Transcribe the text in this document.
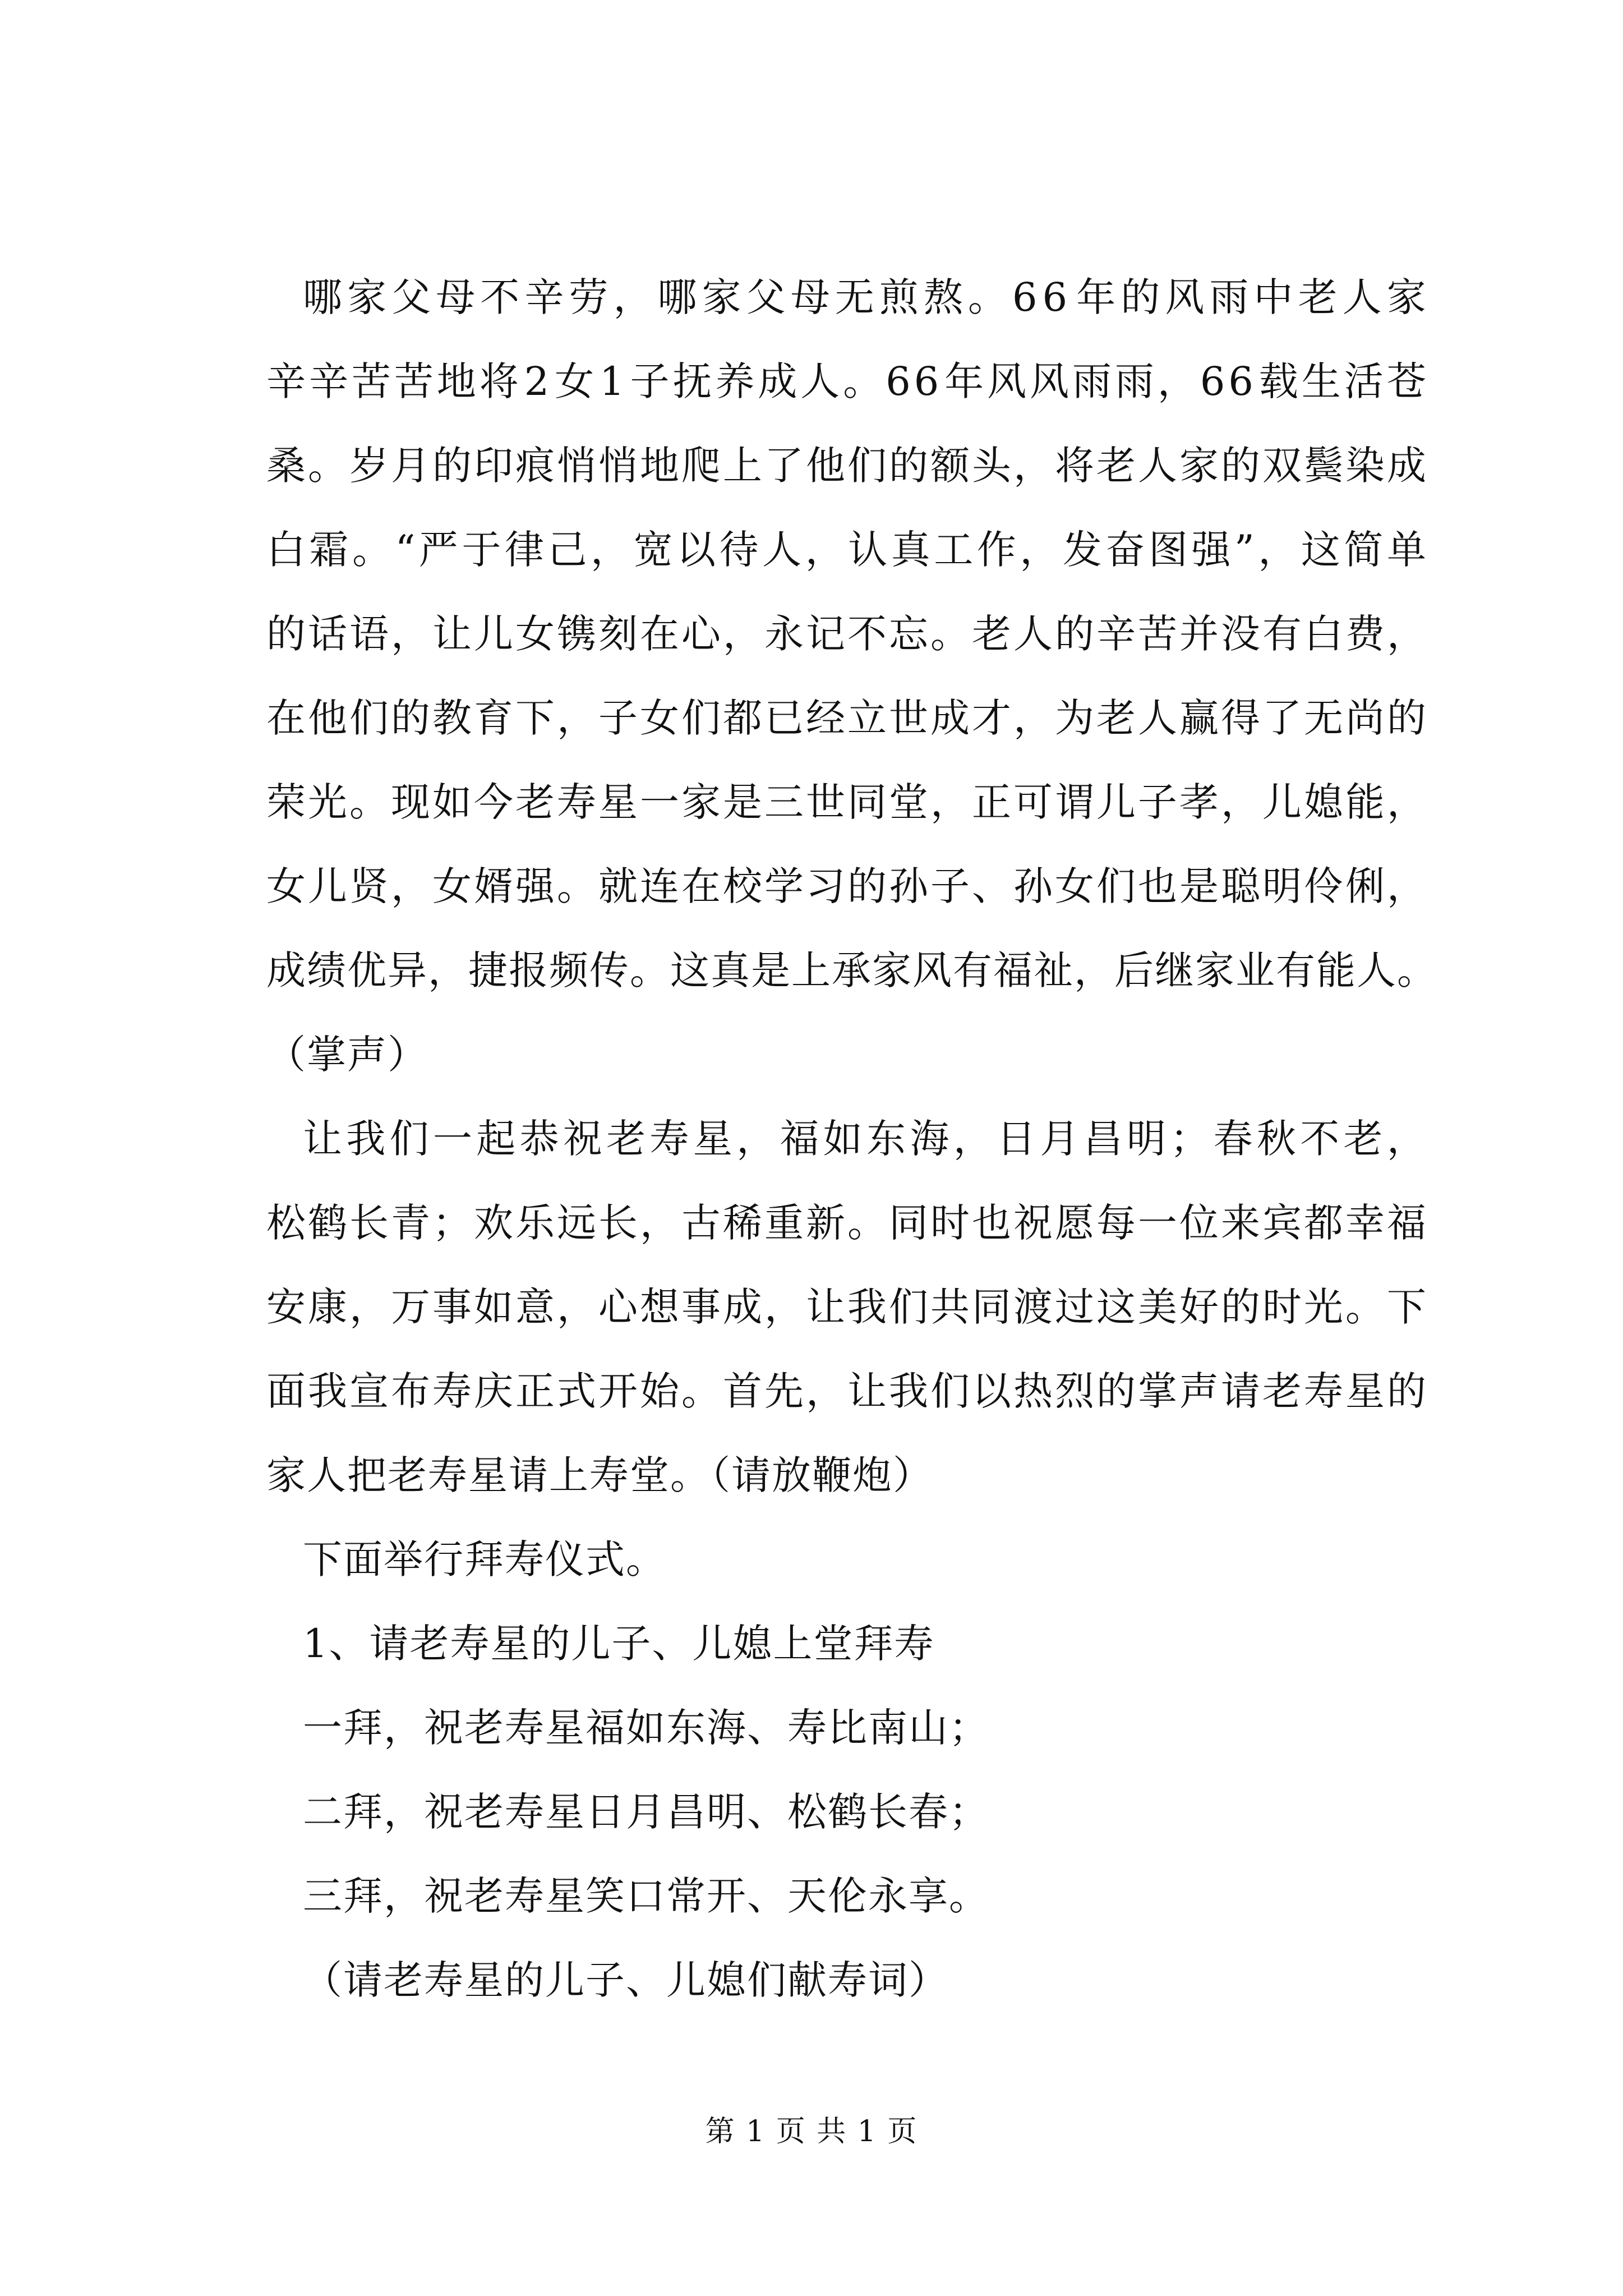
哪 家 父 母 不 辛 劳 ， 哪 家 父 母 无 煎 熬 。 6 6 年 的 风 雨 中 老 人 家
辛 辛 苦 苦 地 将 2 女 1 子 抚 养 成 人 。 6 6 年 风 风 雨 雨 ， 6 6 载 生 活 苍
桑 。 岁 月 的 印 痕 悄 悄 地 爬 上 了 他 们 的 额 头 ， 将 老 人 家 的 双 鬓 染 成
白 霜 。 “ 严 于 律 己 ， 宽 以 待 人 ， 认 真 工 作 ， 发 奋 图 强 ” ， 这 简 单
的 话 语 ， 让 儿 女 镌 刻 在 心 ， 永 记 不 忘 。 老 人 的 辛 苦 并 没 有 白 费 ，
在 他 们 的 教 育 下 ， 子 女 们 都 已 经 立 世 成 才 ， 为 老 人 赢 得 了 无 尚 的
荣 光 。 现 如 今 老 寿 星 一 家 是 三 世 同 堂 ， 正 可 谓 儿 子 孝 ， 儿 媳 能 ，
女 儿 贤 ， 女 婿 强 。 就 连 在 校 学 习 的 孙 子 、 孙 女 们 也 是 聪 明 伶 俐 ，
成 绩 优 异 ， 捷 报 频 传 。 这 真 是 上 承 家 风 有 福 祉 ， 后 继 家 业 有 能 人 。
（掌声）
让 我 们 一 起 恭 祝 老 寿 星 ， 福 如 东 海 ， 日 月 昌 明 ； 春 秋 不 老 ，
松 鹤 长 青 ； 欢 乐 远 长 ， 古 稀 重 新 。 同 时 也 祝 愿 每 一 位 来 宾 都 幸 福
安 康 ， 万 事 如 意 ， 心 想 事 成 ， 让 我 们 共 同 渡 过 这 美 好 的 时 光 。 下
面 我 宣 布 寿 庆 正 式 开 始 。 首 先 ， 让 我 们 以 热 烈 的 掌 声 请 老 寿 星 的
家人把老寿星请上寿堂。（请放鞭炮）
下面举行拜寿仪式。
1、请老寿星的儿子、儿媳上堂拜寿
一拜，祝老寿星福如东海、寿比南山；
二拜，祝老寿星日月昌明、松鹤长春；
三拜，祝老寿星笑口常开、天伦永享。
（请老寿星的儿子、儿媳们献寿词）
第 1 页 共 1 页
